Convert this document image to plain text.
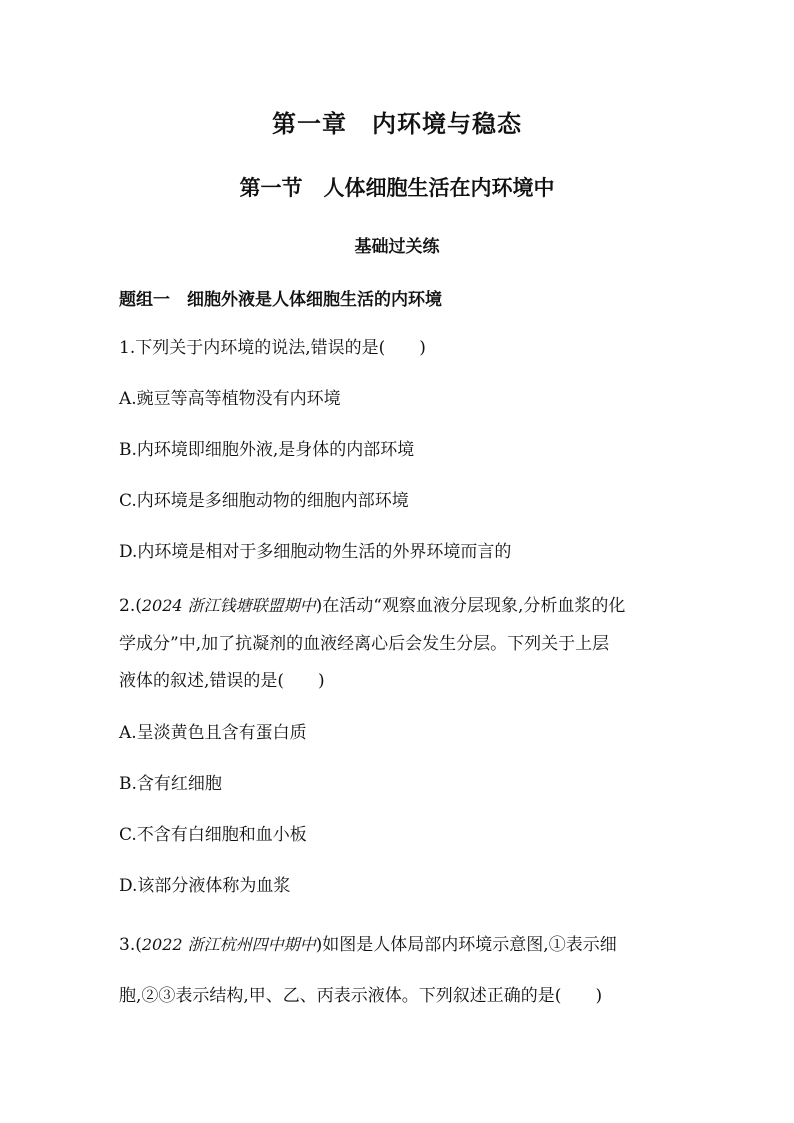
第一章　内环境与稳态
第一节　人体细胞生活在内环境中
基础过关练
题组一　细胞外液是人体细胞生活的内环境
1.下列关于内环境的说法,错误的是(　　)
A.豌豆等高等植物没有内环境
B.内环境即细胞外液,是身体的内部环境
C.内环境是多细胞动物的细胞内部环境
D.内环境是相对于多细胞动物生活的外界环境而言的
2.(2024 浙江钱塘联盟期中)在活动“观察血液分层现象,分析血浆的化
学成分”中,加了抗凝剂的血液经离心后会发生分层。下列关于上层
液体的叙述,错误的是(　　)
A.呈淡黄色且含有蛋白质
B.含有红细胞
C.不含有白细胞和血小板
D.该部分液体称为血浆
3.(2022 浙江杭州四中期中)如图是人体局部内环境示意图,①表示细
胞,②③表示结构,甲、乙、丙表示液体。下列叙述正确的是(　　)
